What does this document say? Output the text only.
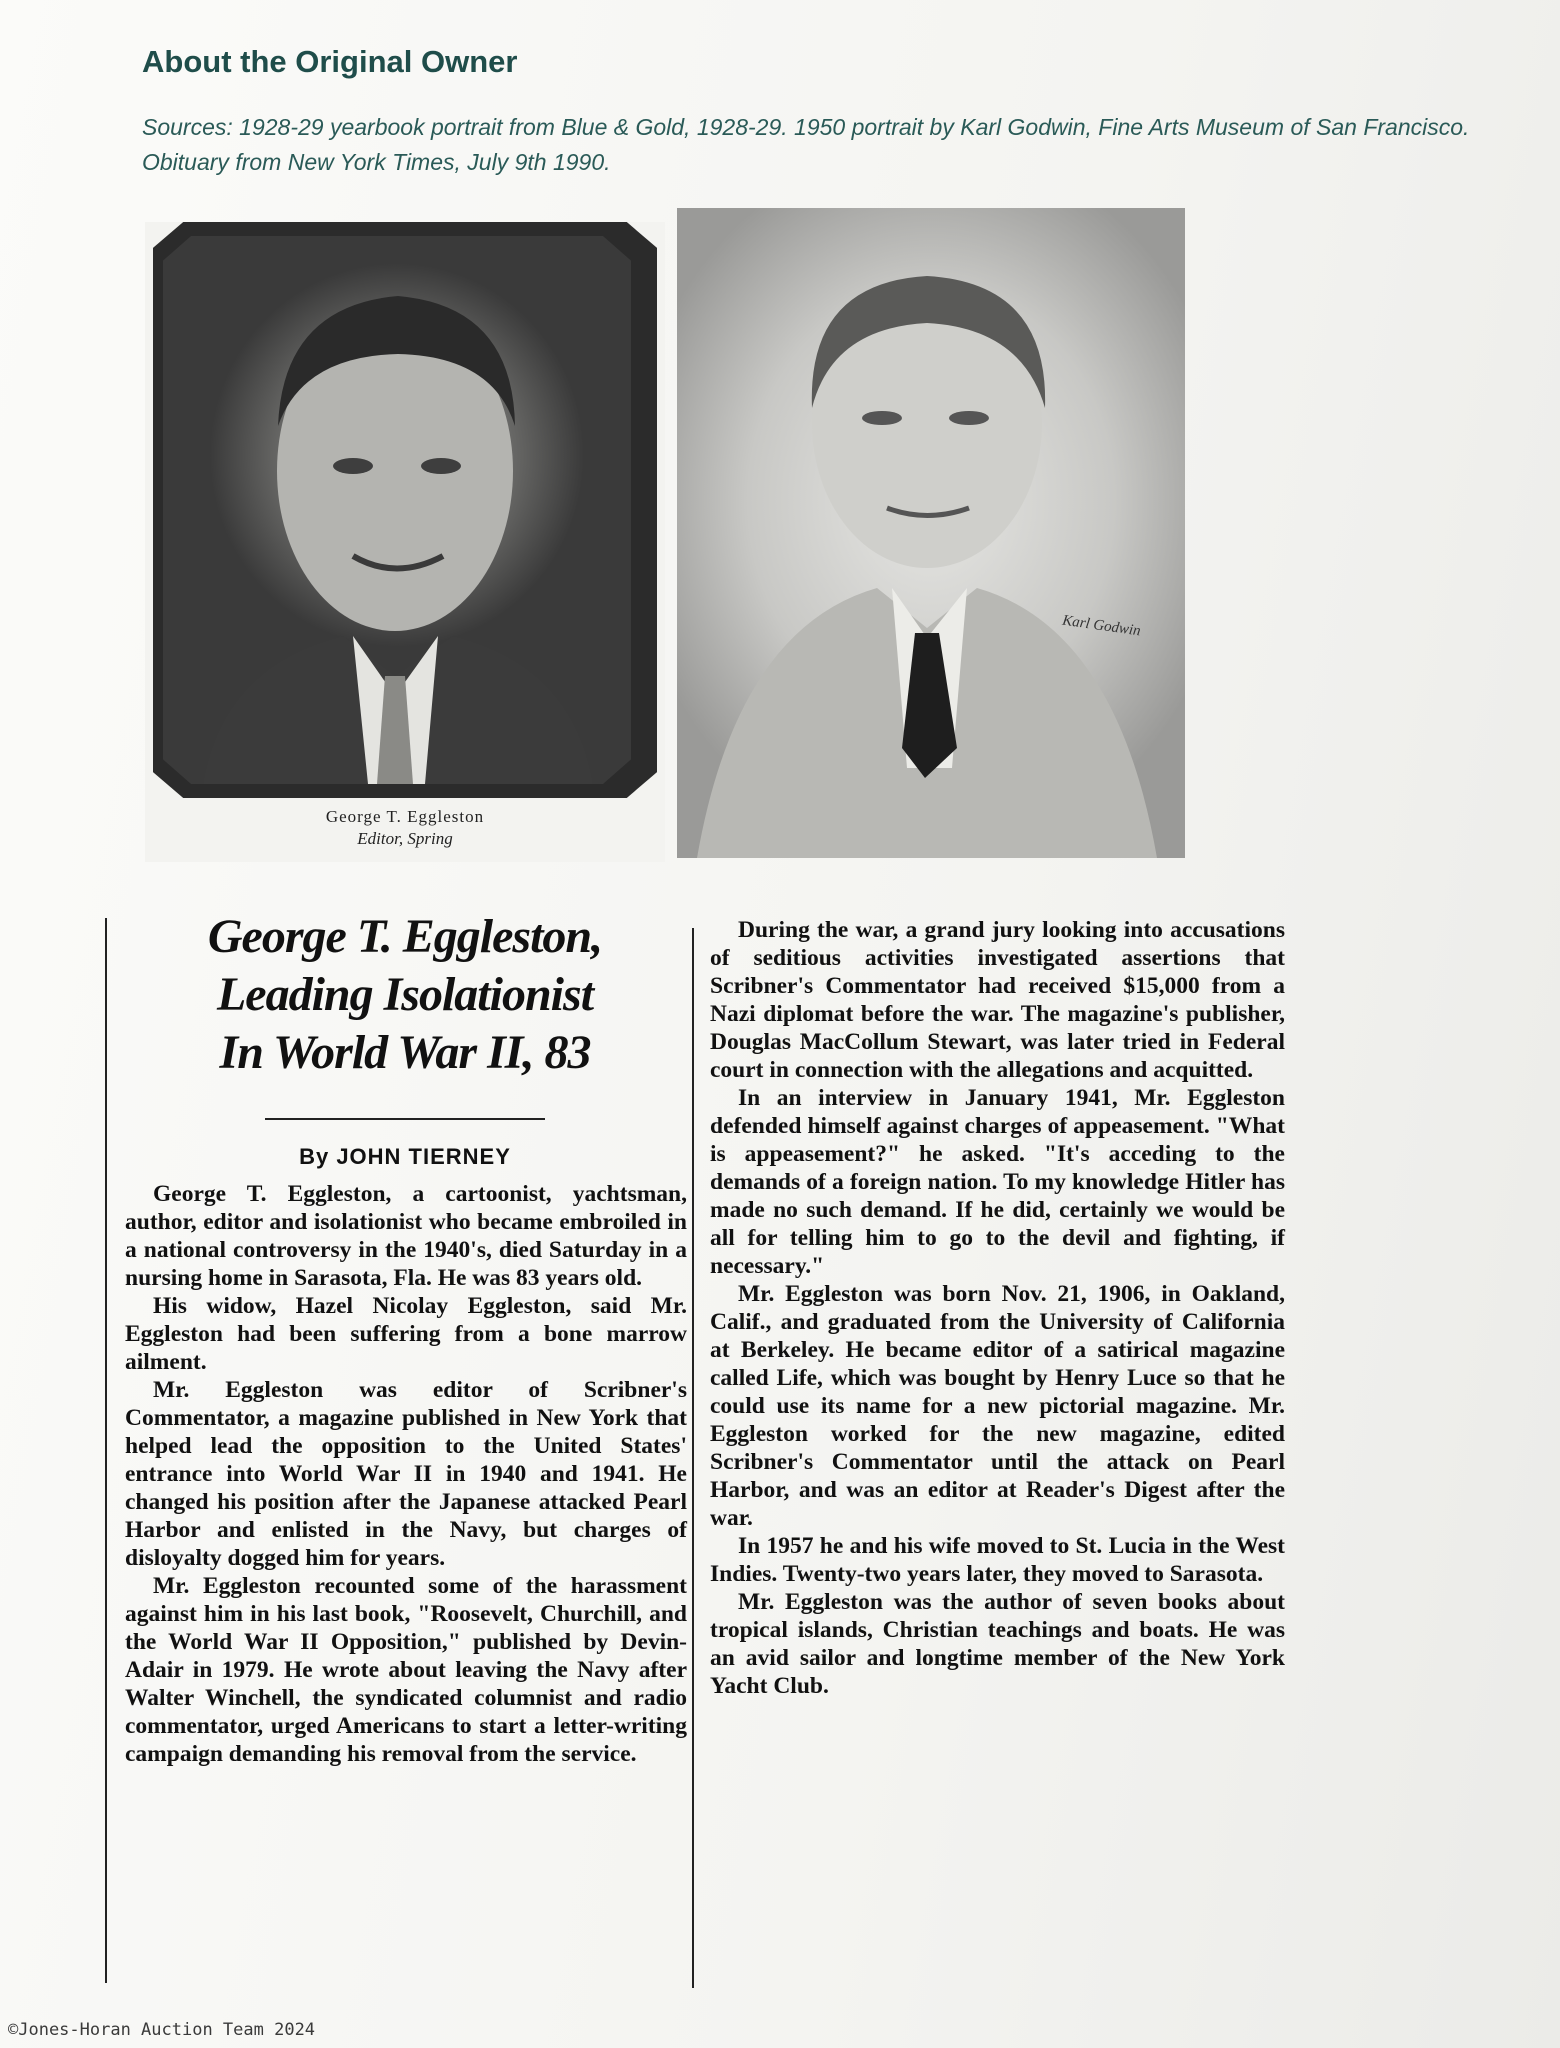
About the Original Owner
Sources: 1928-29 yearbook portrait from Blue & Gold, 1928-29. 1950 portrait by Karl Godwin, Fine Arts Museum of San Francisco. Obituary from New York Times, July 9th 1990.
George T. Eggleston
Editor, Spring
Karl Godwin
George T. Eggleston,
Leading Isolationist
In World War II, 83
By JOHN TIERNEY

George T. Eggleston, a cartoonist, yachtsman, author, editor and isolationist who became embroiled in a national controversy in the 1940's, died Saturday in a nursing home in Sarasota, Fla. He was 83 years old.

His widow, Hazel Nicolay Eggleston, said Mr. Eggleston had been suffering from a bone marrow ailment.

Mr. Eggleston was editor of Scribner's Commentator, a magazine published in New York that helped lead the opposition to the United States' entrance into World War II in 1940 and 1941. He changed his position after the Japanese attacked Pearl Harbor and enlisted in the Navy, but charges of disloyalty dogged him for years.

Mr. Eggleston recounted some of the harassment against him in his last book, "Roosevelt, Churchill, and the World War II Opposition," published by Devin-Adair in 1979. He wrote about leaving the Navy after Walter Winchell, the syndicated columnist and radio commentator, urged Americans to start a letter-writing campaign demanding his removal from the service.

During the war, a grand jury looking into accusations of seditious activities investigated assertions that Scribner's Commentator had received $15,000 from a Nazi diplomat before the war. The magazine's publisher, Douglas MacCollum Stewart, was later tried in Federal court in connection with the allegations and acquitted.

In an interview in January 1941, Mr. Eggleston defended himself against charges of appeasement. "What is appeasement?" he asked. "It's acceding to the demands of a foreign nation. To my knowledge Hitler has made no such demand. If he did, certainly we would be all for telling him to go to the devil and fighting, if necessary."

Mr. Eggleston was born Nov. 21, 1906, in Oakland, Calif., and graduated from the University of California at Berkeley. He became editor of a satirical magazine called Life, which was bought by Henry Luce so that he could use its name for a new pictorial magazine. Mr. Eggleston worked for the new magazine, edited Scribner's Commentator until the attack on Pearl Harbor, and was an editor at Reader's Digest after the war.

In 1957 he and his wife moved to St. Lucia in the West Indies. Twenty-two years later, they moved to Sarasota.

Mr. Eggleston was the author of seven books about tropical islands, Christian teachings and boats. He was an avid sailor and longtime member of the New York Yacht Club.

©Jones-Horan Auction Team 2024
